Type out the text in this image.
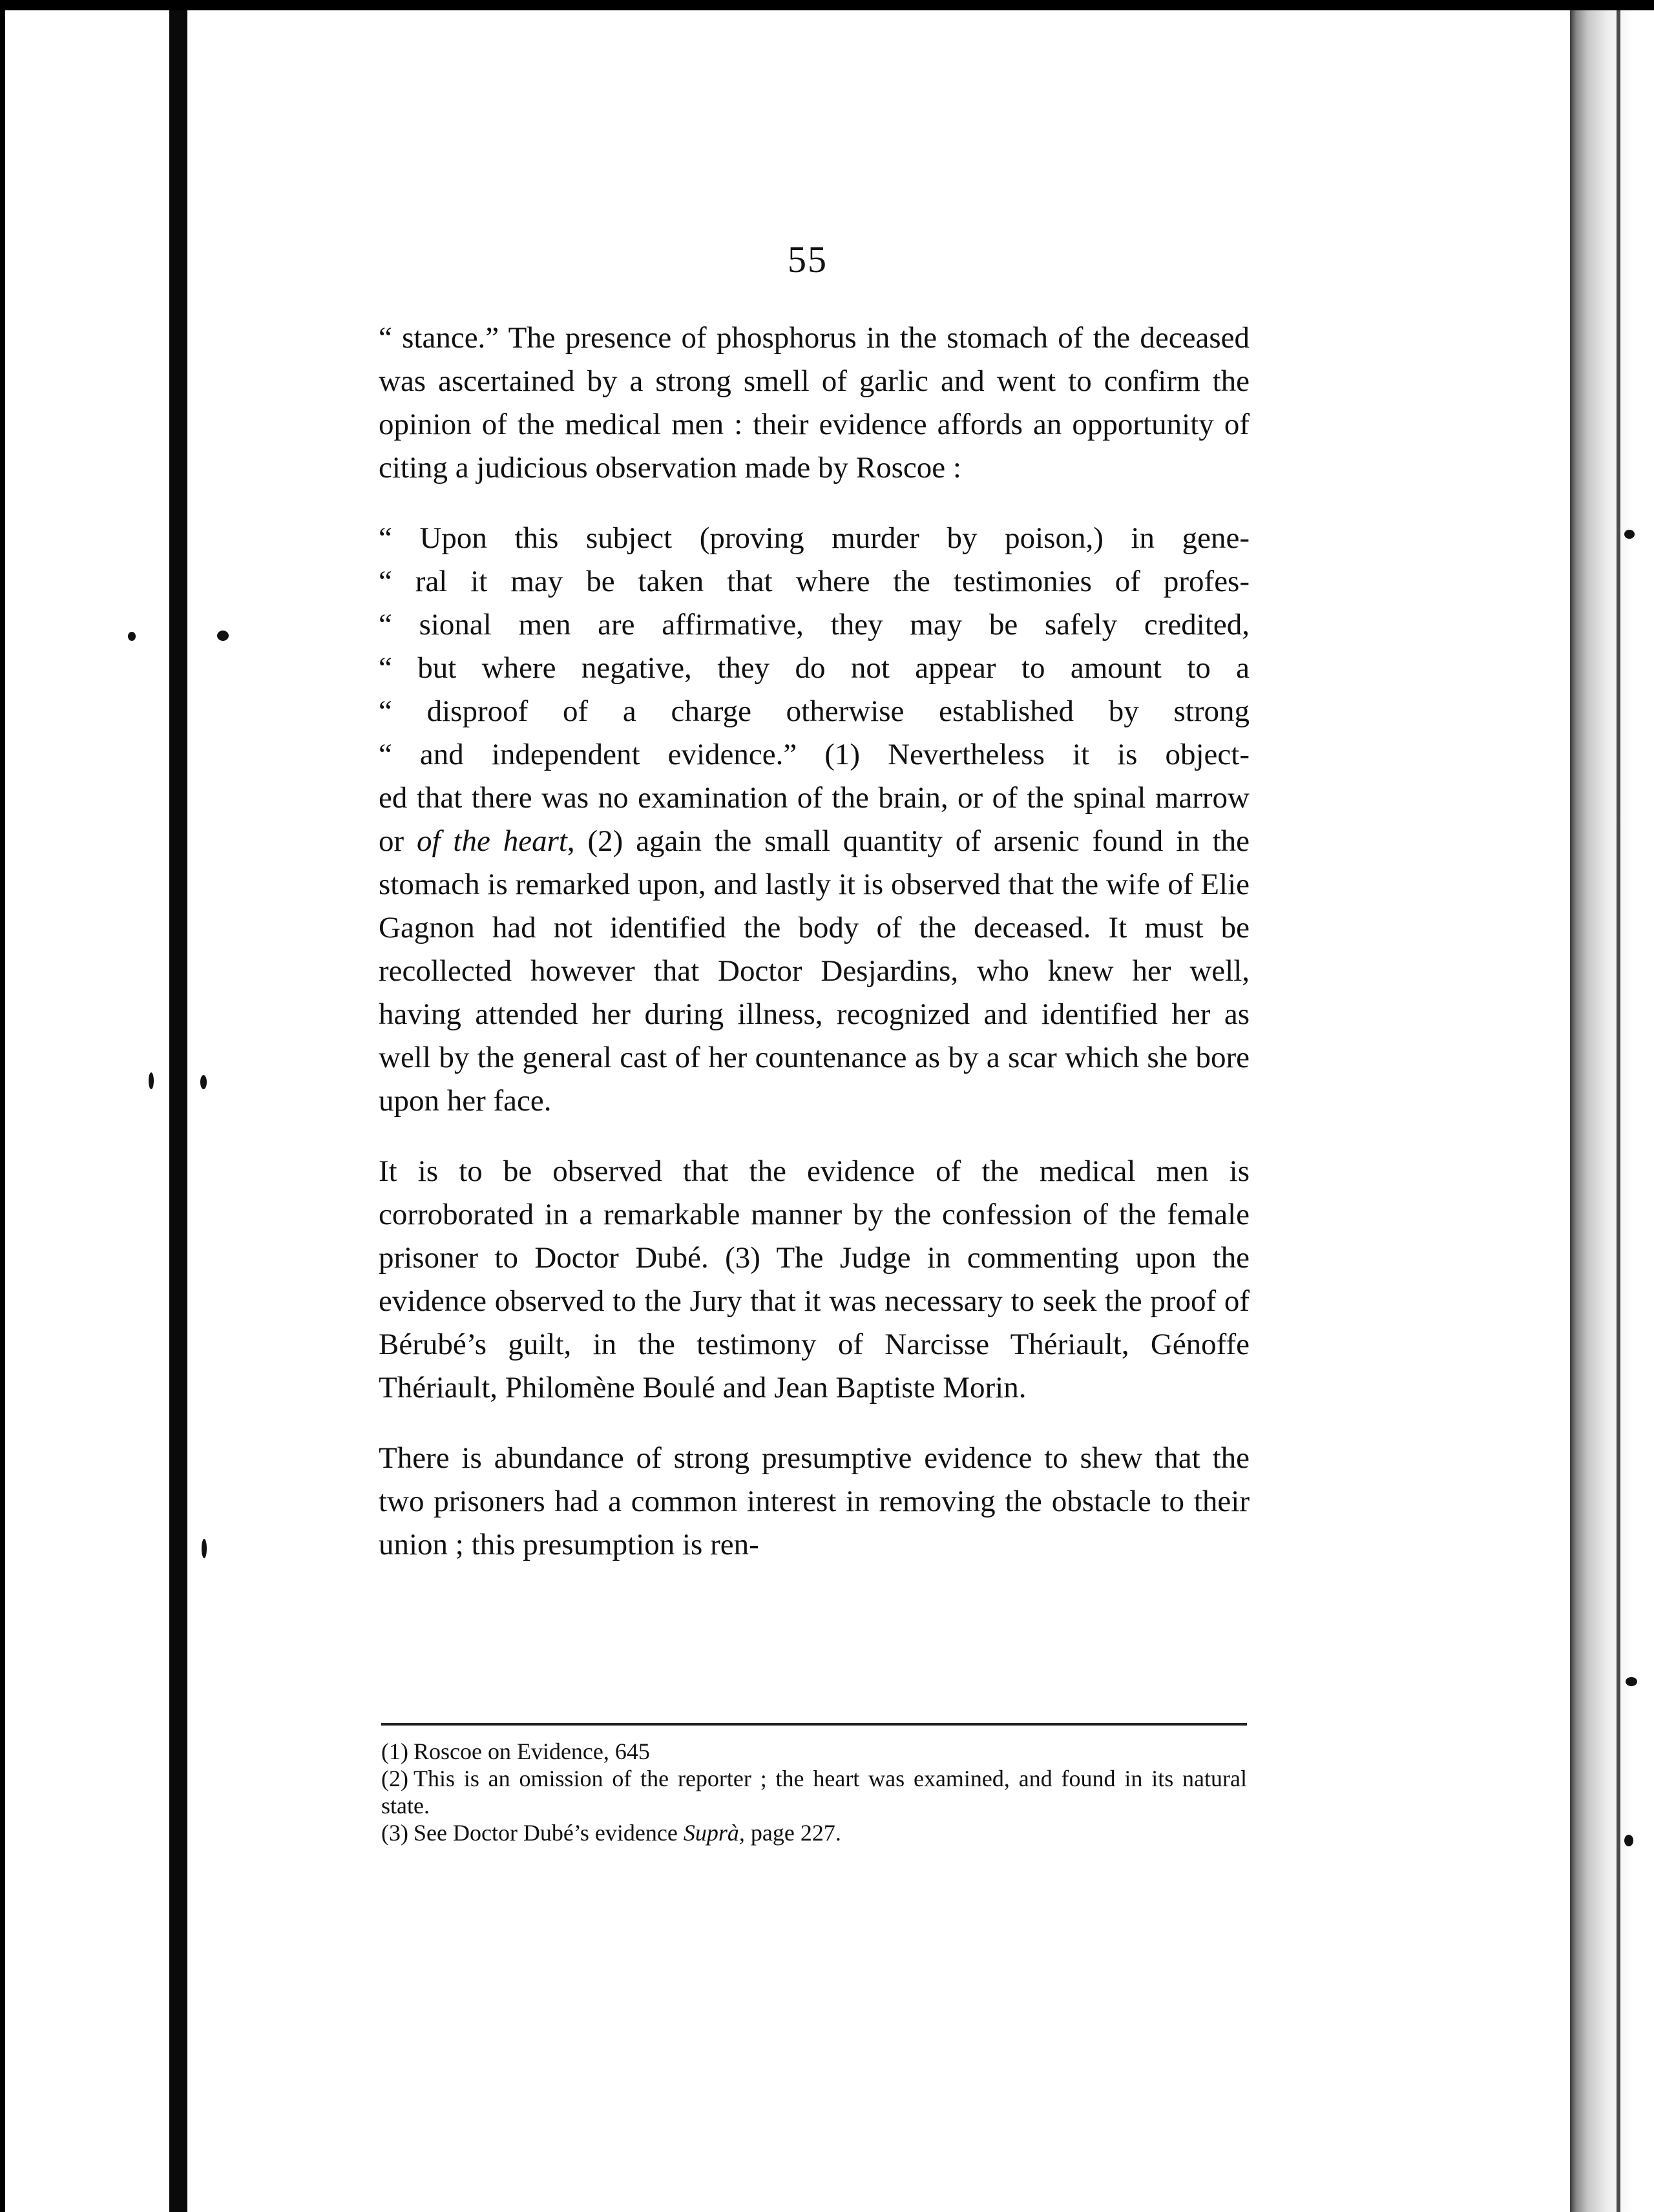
55

“ stance.” The presence of phosphorus in the stomach of the deceased was ascertained by a strong smell of garlic and went to confirm the opinion of the medical men : their evidence affords an opportunity of citing a judicious observation made by Roscoe :

“ Upon this subject (proving murder by poison,) in gene-
“ ral it may be taken that where the testimonies of profes-
“ sional men are affirmative, they may be safely credited,
“ but where negative, they do not appear to amount to a
“ disproof of a charge otherwise established by strong
“ and independent evidence.” (1) Nevertheless it is object-
ed that there was no examination of the brain, or of the spinal marrow or of the heart, (2) again the small quantity of arsenic found in the stomach is remarked upon, and lastly it is observed that the wife of Elie Gagnon had not identified the body of the deceased. It must be recollected however that Doctor Desjardins, who knew her well, having attended her during illness, recognized and identified her as well by the general cast of her countenance as by a scar which she bore upon her face.

It is to be observed that the evidence of the medical men is corroborated in a remarkable manner by the confession of the female prisoner to Doctor Dubé. (3) The Judge in commenting upon the evidence observed to the Jury that it was necessary to seek the proof of Bérubé’s guilt, in the testimony of Narcisse Thériault, Génoffe Thériault, Philomène Boulé and Jean Baptiste Morin.

There is abundance of strong presumptive evidence to shew that the two prisoners had a common interest in removing the obstacle to their union ; this presumption is ren-

(1) Roscoe on Evidence, 645

(2) This is an omission of the reporter ; the heart was examined, and found in its natural state.

(3) See Doctor Dubé’s evidence Suprà, page 227.
